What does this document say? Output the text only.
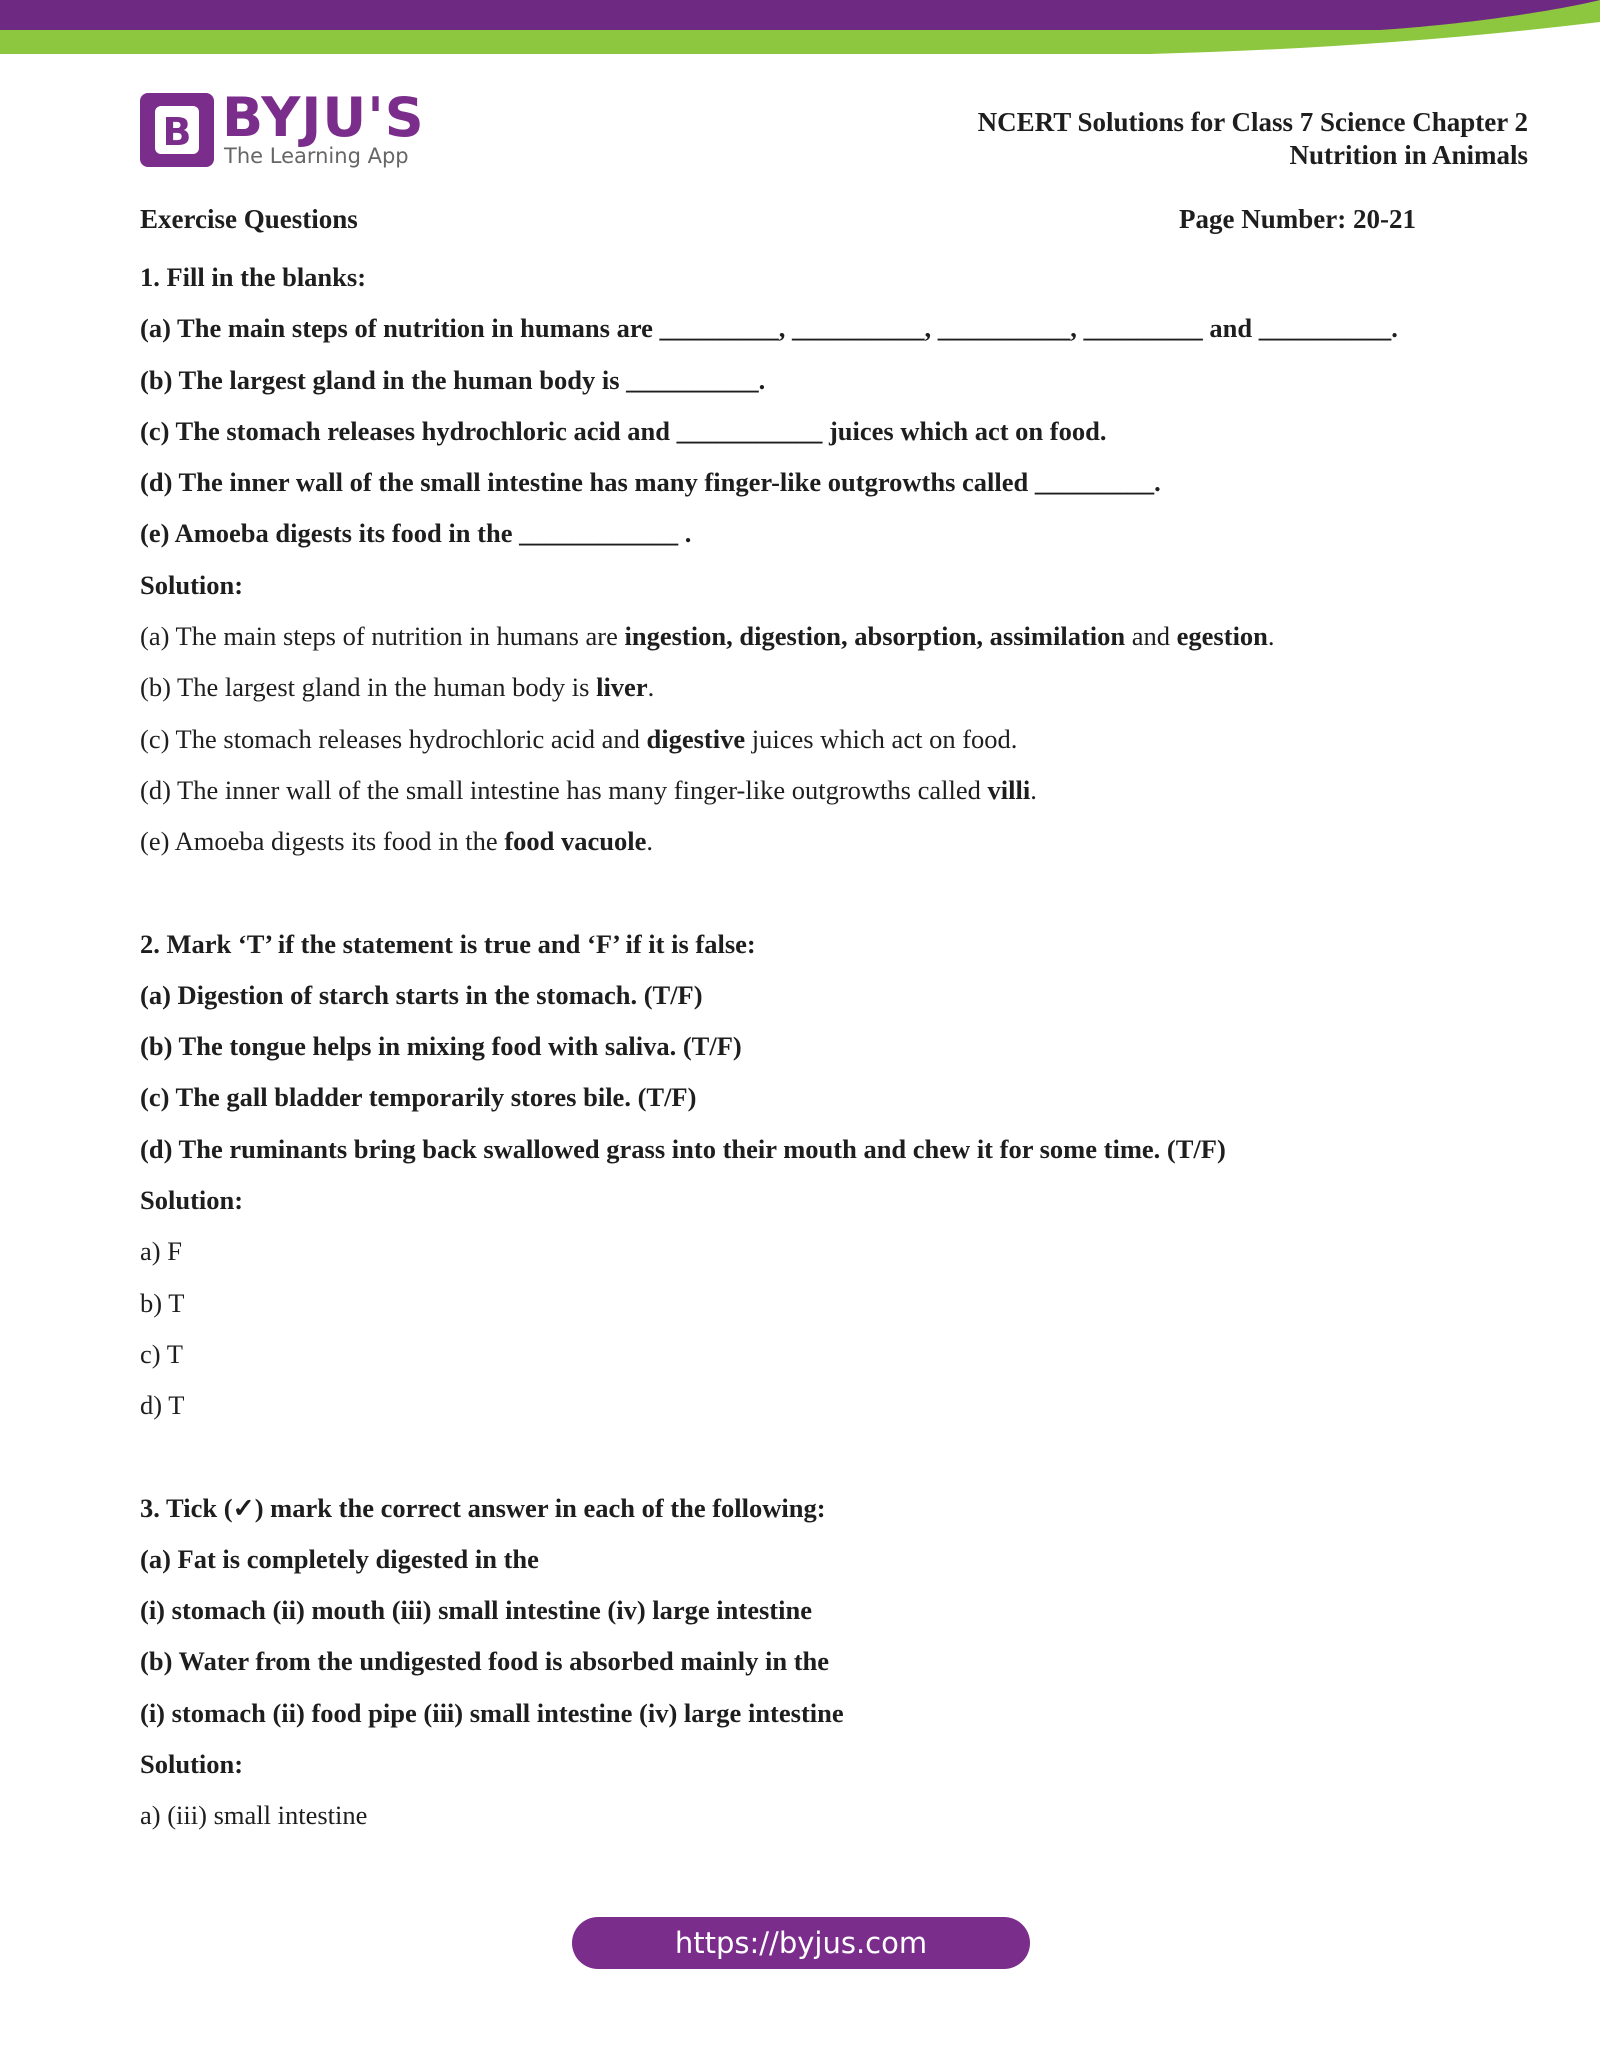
B BYJU'S
The Learning App
NCERT Solutions for Class 7 Science Chapter 2
Nutrition in Animals
Exercise Questions	Page Number: 20-21
1. Fill in the blanks:
(a) The main steps of nutrition in humans are _________, __________, __________, _________ and __________.
(b) The largest gland in the human body is __________.
(c) The stomach releases hydrochloric acid and ___________ juices which act on food.
(d) The inner wall of the small intestine has many finger-like outgrowths called _________.
(e) Amoeba digests its food in the ____________ .
Solution:
(a) The main steps of nutrition in humans are ingestion, digestion, absorption, assimilation and egestion.
(b) The largest gland in the human body is liver.
(c) The stomach releases hydrochloric acid and digestive juices which act on food.
(d) The inner wall of the small intestine has many finger-like outgrowths called villi.
(e) Amoeba digests its food in the food vacuole.
2. Mark ‘T’ if the statement is true and ‘F’ if it is false:
(a) Digestion of starch starts in the stomach. (T/F)
(b) The tongue helps in mixing food with saliva. (T/F)
(c) The gall bladder temporarily stores bile. (T/F)
(d) The ruminants bring back swallowed grass into their mouth and chew it for some time. (T/F)
Solution:
a) F
b) T
c) T
d) T
3. Tick (✓) mark the correct answer in each of the following:
(a) Fat is completely digested in the
(i) stomach (ii) mouth (iii) small intestine (iv) large intestine
(b) Water from the undigested food is absorbed mainly in the
(i) stomach (ii) food pipe (iii) small intestine (iv) large intestine
Solution:
a) (iii) small intestine
https://byjus.com
